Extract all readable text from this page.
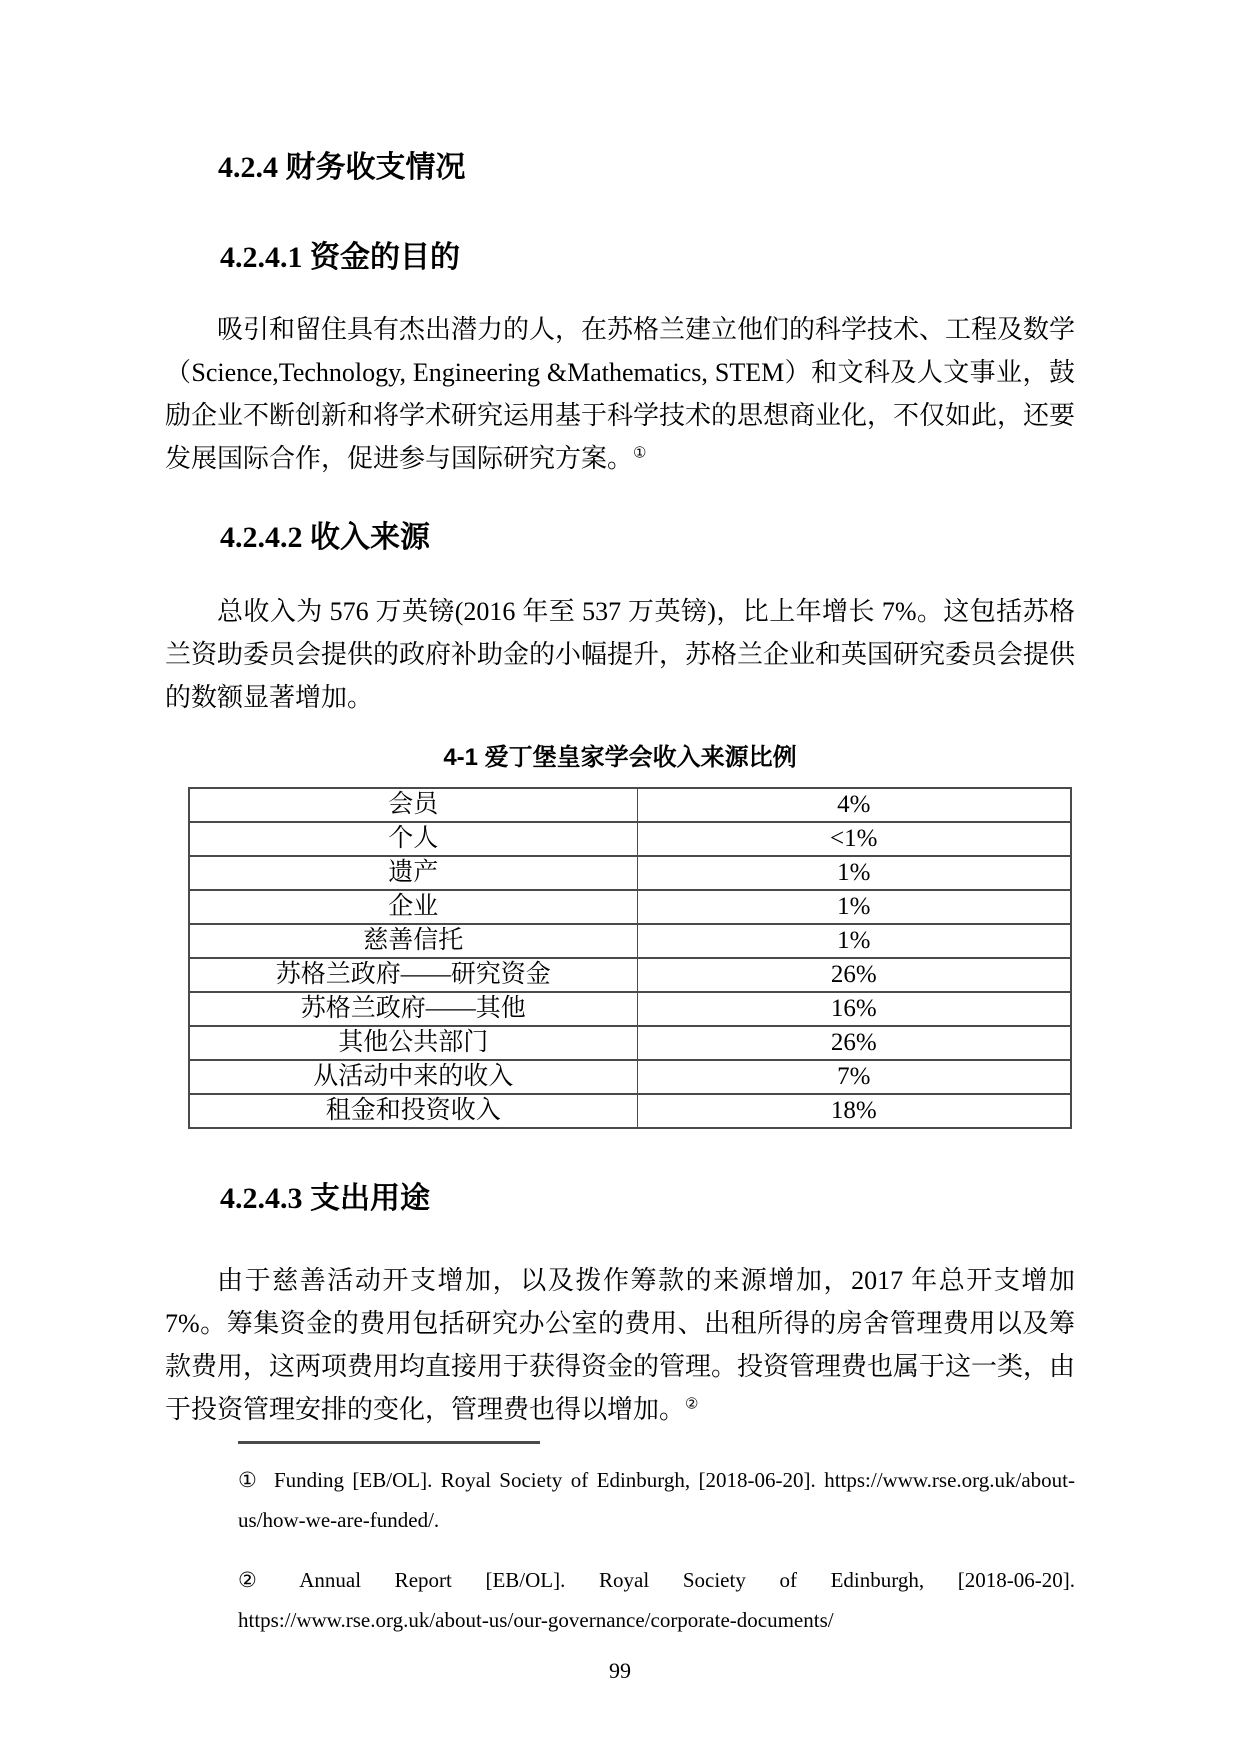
4.2.4 财务收支情况
4.2.4.1 资金的目的

吸引和留住具有杰出潜力的人，在苏格兰建立他们的科学技术、工程及数学（Science,Technology, Engineering &Mathematics, STEM）和文科及人文事业，鼓励企业不断创新和将学术研究运用基于科学技术的思想商业化，不仅如此，还要发展国际合作，促进参与国际研究方案。①

4.2.4.2 收入来源

总收入为 576 万英镑(2016 年至 537 万英镑)，比上年增长 7%。这包括苏格兰资助委员会提供的政府补助金的小幅提升，苏格兰企业和英国研究委员会提供的数额显著增加。

4-1 爱丁堡皇家学会收入来源比例
会员	4%
个人	<1%
遗产	1%
企业	1%
慈善信托	1%
苏格兰政府——研究资金	26%
苏格兰政府——其他	16%
其他公共部门	26%
从活动中来的收入	7%
租金和投资收入	18%
4.2.4.3 支出用途

由于慈善活动开支增加，以及拨作筹款的来源增加，2017 年总开支增加 7%。筹集资金的费用包括研究办公室的费用、出租所得的房舍管理费用以及筹款费用，这两项费用均直接用于获得资金的管理。投资管理费也属于这一类，由于投资管理安排的变化，管理费也得以增加。②

① Funding [EB/OL]. Royal Society of Edinburgh, [2018-06-20]. https://www.rse.org.uk/about-us/how-we-are-funded/.
② Annual Report [EB/OL]. Royal Society of Edinburgh, [2018-06-20]. https://www.rse.org.uk/about-us/our-governance/corporate-documents/
99
